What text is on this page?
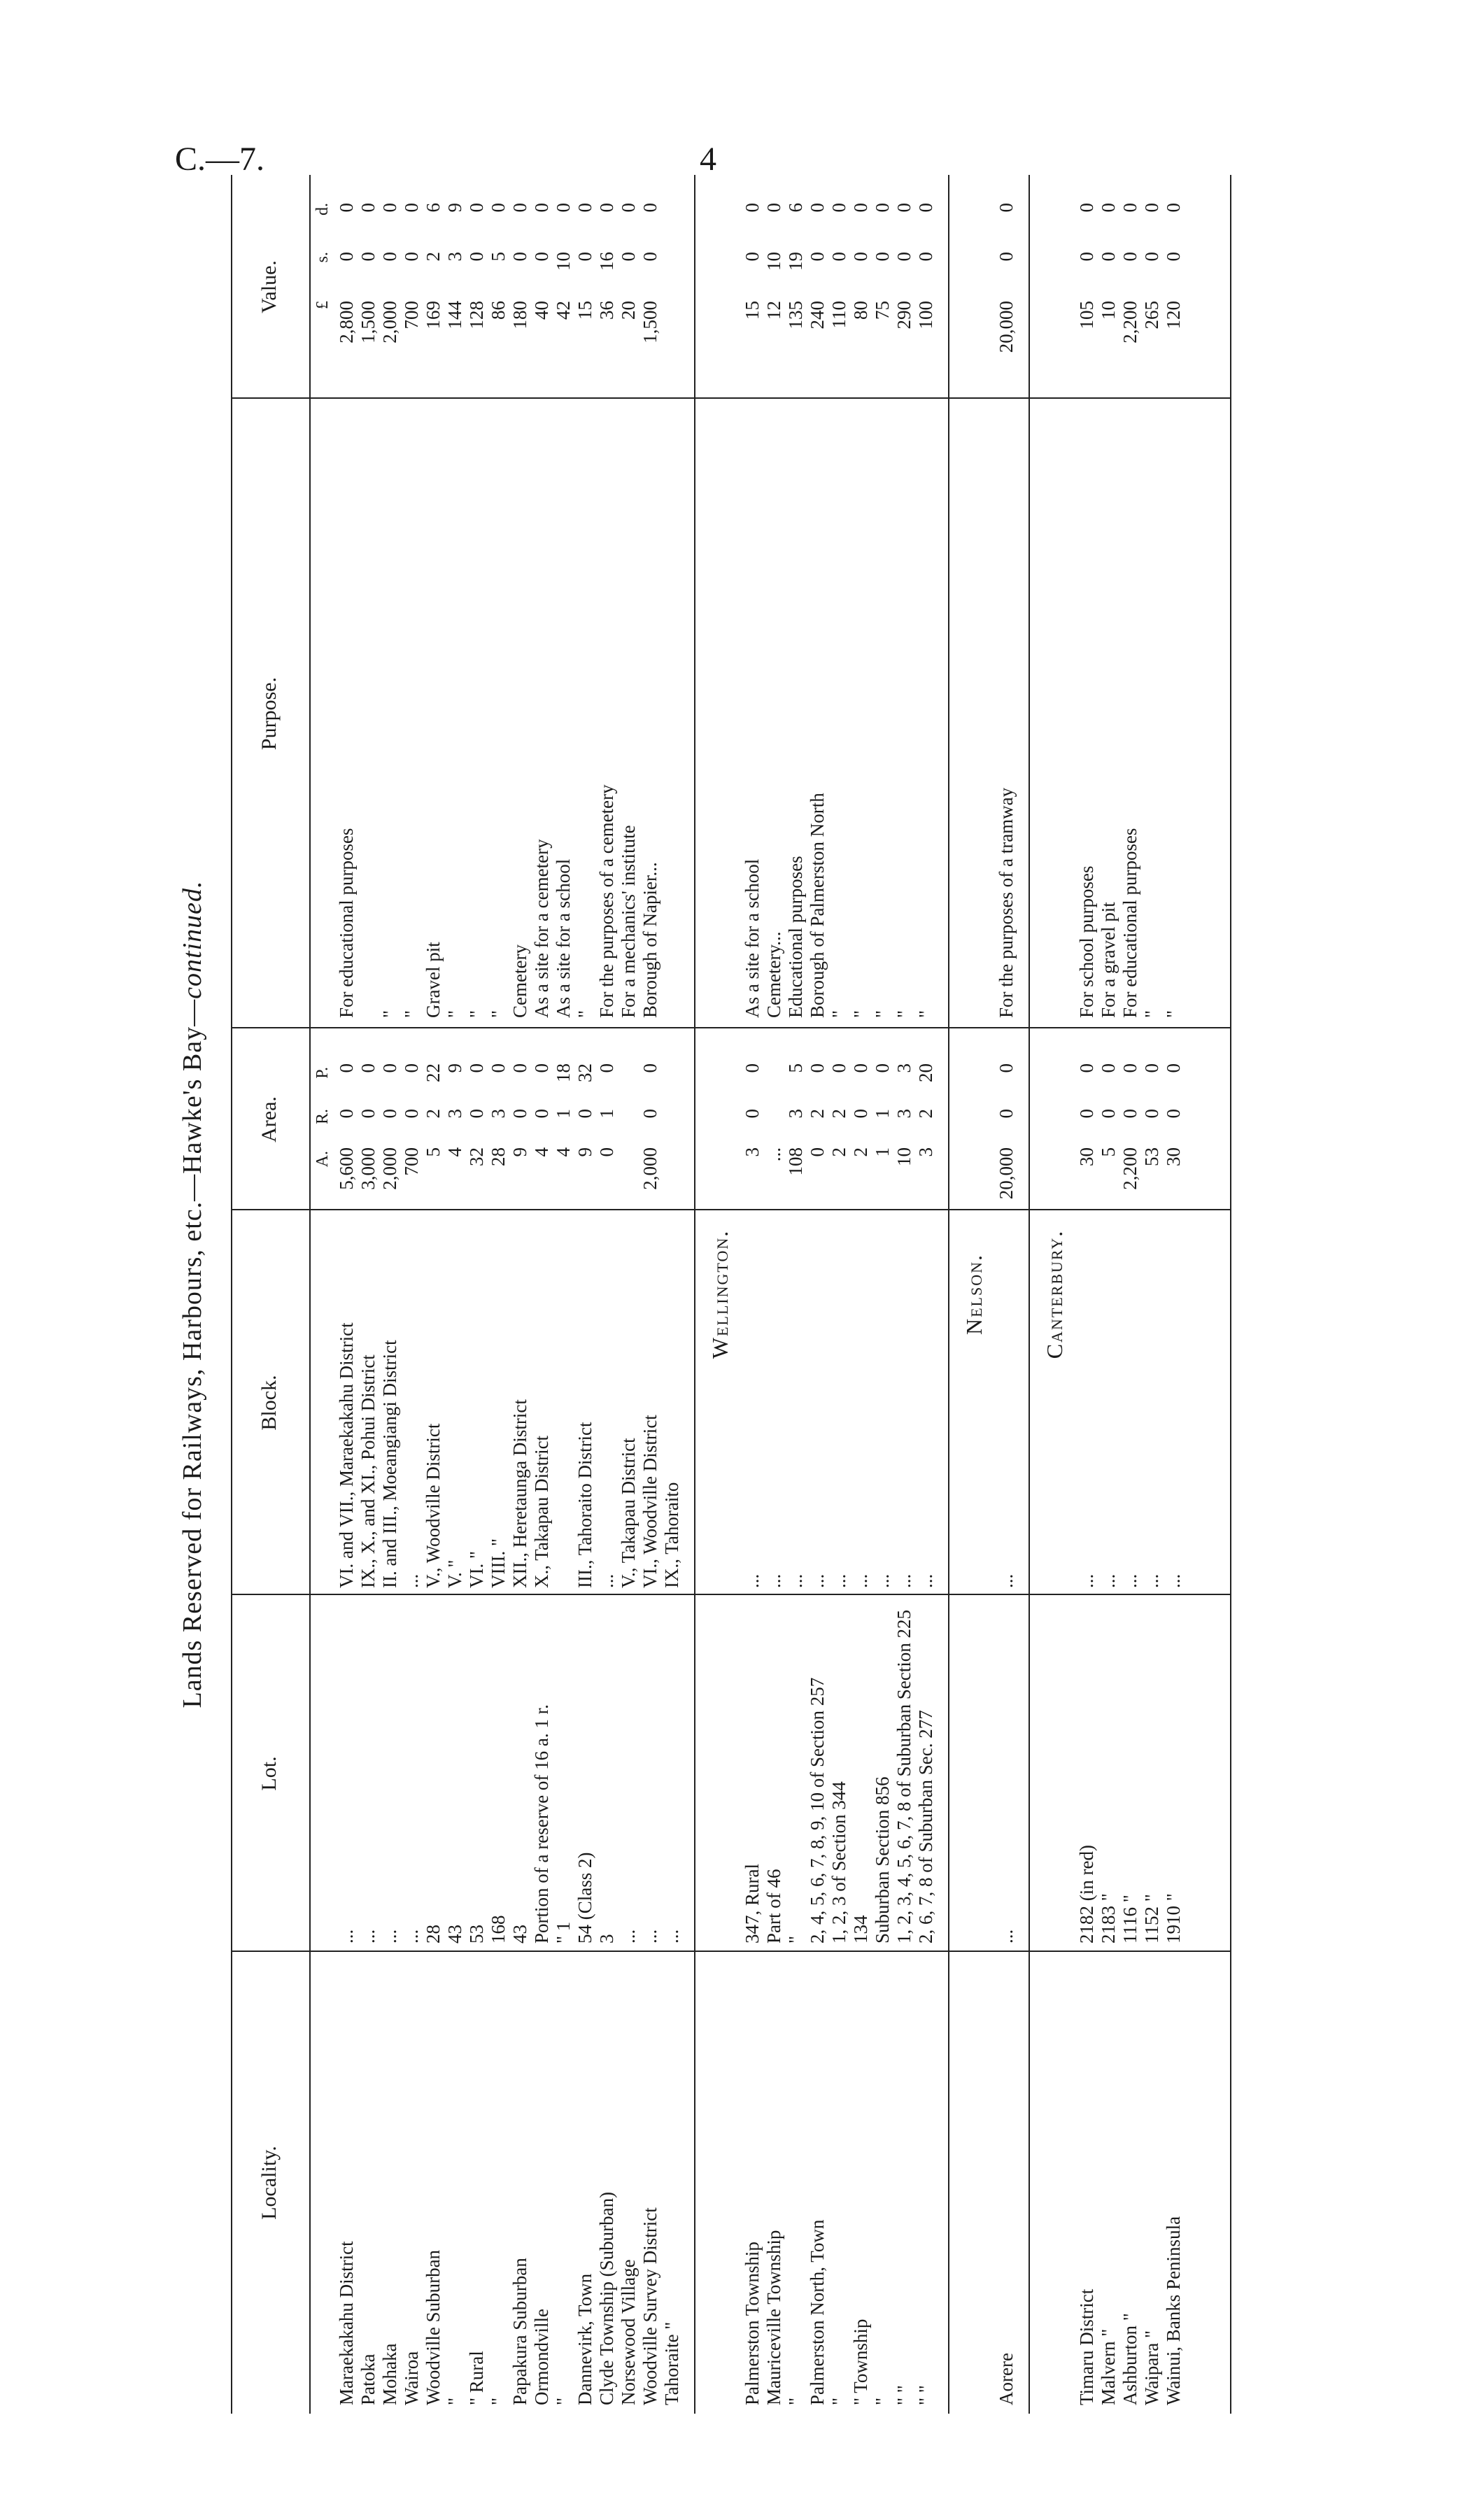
C.—7.	4
Lands Reserved for Railways, Harbours, etc.—Hawke's Bay—continued.
Locality.
Lot.
Block.
Area.
Purpose.
Value.
A.
R.
P.
£
s.
d.
Maraekakahu District
...
VI. and VII., Maraekakahu District
For educational purposes
5,600
0
0
2,800
0
0
Patoka
...
IX., X., and XI., Pohui District
3,000
0
0
1,500
0
0
Mohaka
...
II. and III., Moeangiangi District
"
2,000
0
0
2,000
0
0
Wairoa
...
...
"
700
0
0
700
0
0
Woodville Suburban
28
V., Woodville District
Gravel pit
5
2
22
169
2
6
"
43
V. "
"
4
3
9
144
3
9
" Rural
53
VI. "
"
32
0
0
128
0
0
"
168
VIII. "
"
28
3
0
86
5
0
Papakura Suburban
43
XII., Heretaunga District
Cemetery
9
0
0
180
0
0
Ormondville
Portion of a reserve of 16 a. 1 r.
X., Takapau District
As a site for a cemetery
4
0
0
40
0
0
"
" 1
As a site for a school
4
1
18
42
10
0
Dannevirk, Town
54 (Class 2)
III., Tahoraito District
"
9
0
32
15
0
0
Clyde Township (Suburban)
3
...
For the purposes of a cemetery
0
1
0
36
16
0
Norsewood Village
...
V., Takapau District
For a mechanics' institute
20
0
0
Woodville Survey District
...
VI., Woodville District
Borough of Napier...
2,000
0
0
1,500
0
0
Tahoraite "
...
IX., Tahoraito
Wellington.
Palmerston Township
347, Rural
...
As a site for a school
3
0
0
15
0
0
Mauriceville Township
Part of 46
...
Cemetery...
...
12
10
0
"
"
...
Educational purposes
108
3
5
135
19
6
Palmerston North, Town
2, 4, 5, 6, 7, 8, 9, 10 of Section 257
...
Borough of Palmerston North
0
2
0
240
0
0
"
1, 2, 3 of Section 344
...
"
2
2
0
110
0
0
" Township
134
...
"
2
0
0
80
0
0
"
Suburban Section 856
...
"
1
1
0
75
0
0
" "
1, 2, 3, 4, 5, 6, 7, 8 of Suburban Section 225
...
"
10
3
3
290
0
0
" "
2, 6, 7, 8 of Suburban Sec. 277
...
"
3
2
20
100
0
0
Nelson.
Aorere
...
...
For the purposes of a tramway
20,000
0
0
20,000
0
0
Canterbury.
Timaru District
2182 (in red)
...
For school purposes
30
0
0
105
0
0
Malvern "
2183 "
...
For a gravel pit
5
0
0
10
0
0
Ashburton "
1116 "
...
For educational purposes
2,200
0
0
2,200
0
0
Waipara "
1152 "
...
"
53
0
0
265
0
0
Wainui, Banks Peninsula
1910 "
...
"
30
0
0
120
0
0
